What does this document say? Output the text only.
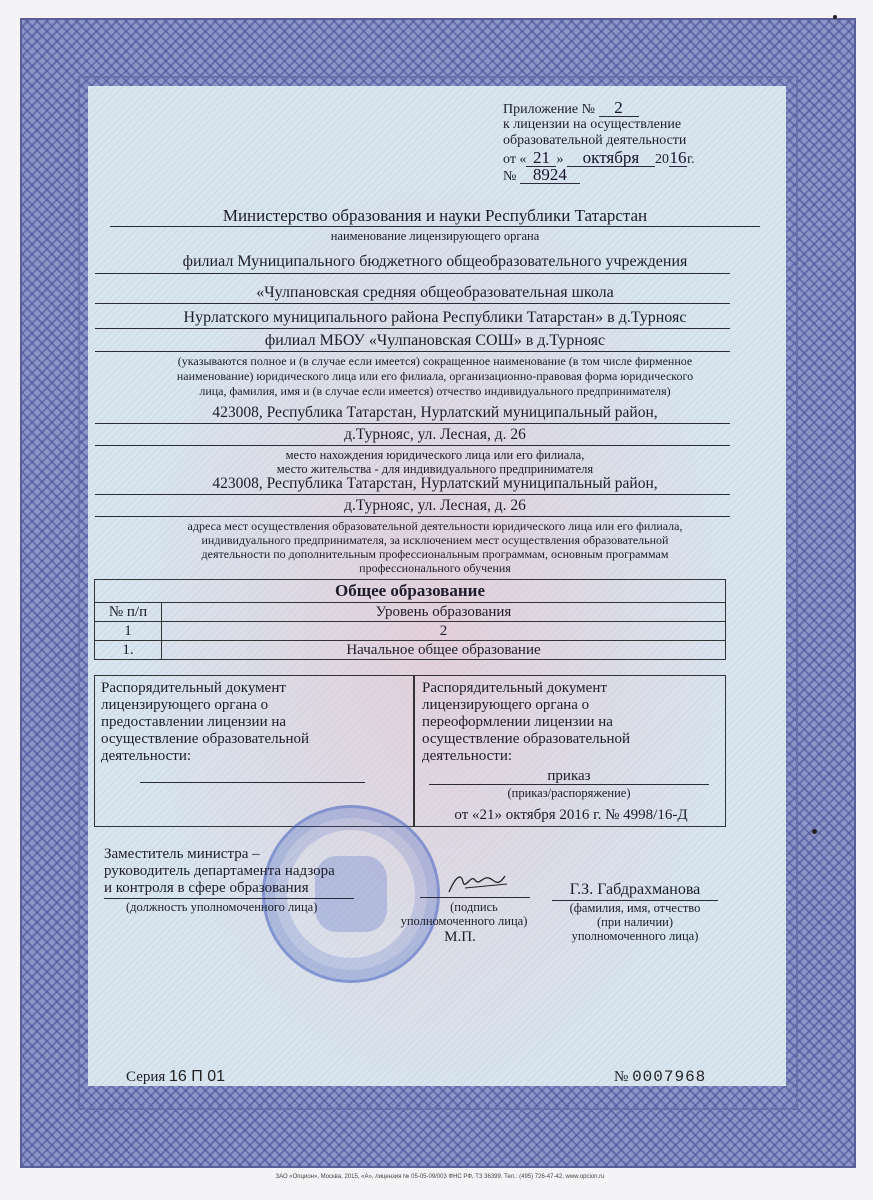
Приложение № 2
к лицензии на осуществление
образовательной деятельности
от « 21 » октября 2016г.
№ 8924
Министерство образования и науки Республики Татарстан
наименование лицензирующего органа
филиал Муниципального бюджетного общеобразовательного учреждения
«Чулпановская средняя общеобразовательная школа
Нурлатского муниципального района Республики Татарстан» в д.Турнояс
филиал МБОУ «Чулпановская СОШ» в д.Турнояс
(указываются полное и (в случае если имеется) сокращенное наименование (в том числе фирменное
наименование) юридического лица или его филиала, организационно-правовая форма юридического
лица, фамилия, имя и (в случае если имеется) отчество индивидуального предпринимателя)
423008, Республика Татарстан, Нурлатский муниципальный район,
д.Турнояс, ул. Лесная, д. 26
место нахождения юридического лица или его филиала,
место жительства - для индивидуального предпринимателя
423008, Республика Татарстан, Нурлатский муниципальный район,
д.Турнояс, ул. Лесная, д. 26
адреса мест осуществления образовательной деятельности юридического лица или его филиала,
индивидуального предпринимателя, за исключением мест осуществления образовательной
деятельности по дополнительным профессиональным программам, основным программам
профессионального обучения
Общее образование	
№ п/п	Уровень образования
1	2
1.	Начальное общее образование
Распорядительный документ
лицензирующего органа о
предоставлении лицензии на
осуществление образовательной
деятельности:
Распорядительный документ
лицензирующего органа о
переоформлении лицензии на
осуществление образовательной
деятельности:
приказ
(приказ/распоряжение)
от «21» октября 2016 г. № 4998/16-Д
Заместитель министра –
руководитель департамента надзора
и контроля в сфере образования
(должность уполномоченного лица)	(подпись
уполномоченного лица)
М.П.
Г.З. Габдрахманова
(фамилия, имя, отчество
(при наличии)
уполномоченного лица)
Серия 16 П 01	№ 0007968
ЗАО «Опцион», Москва, 2015, «А», лицензия № 05-05-09/003 ФНС РФ, ТЗ 36399. Тел.: (495) 726-47-42, www.opcion.ru
